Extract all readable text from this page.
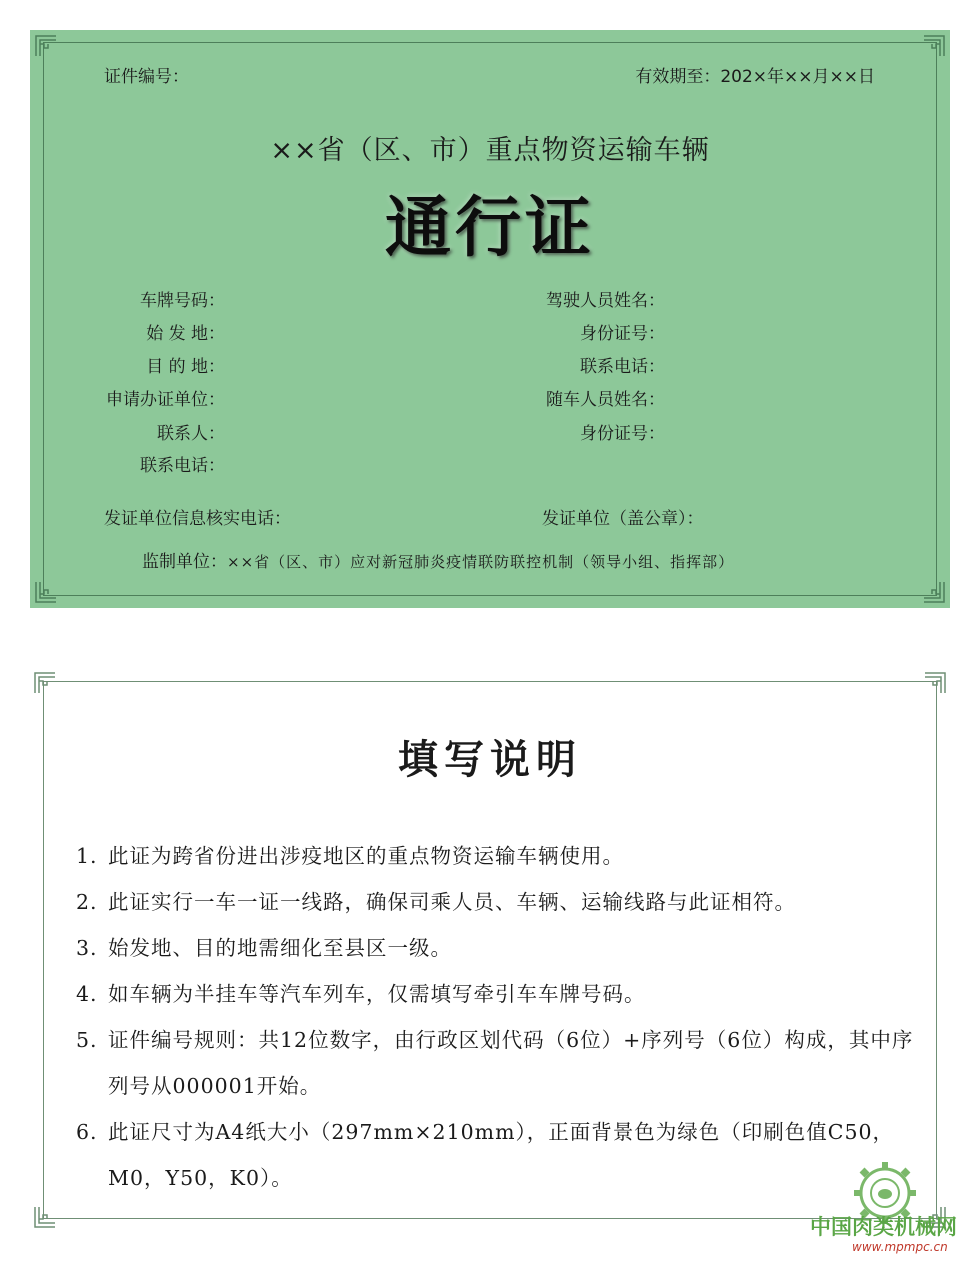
证件编号：	有效期至：202×年××月××日
××省（区、市）重点物资运输车辆
通行证
车牌号码：
始 发 地：
目 的 地：
申请办证单位：
联系人：
联系电话：
驾驶人员姓名：
身份证号：
联系电话：
随车人员姓名：
身份证号：
发证单位信息核实电话：	发证单位（盖公章）：
监制单位：××省（区、市）应对新冠肺炎疫情联防联控机制（领导小组、指挥部）
填写说明
1. 此证为跨省份进出涉疫地区的重点物资运输车辆使用。
2. 此证实行一车一证一线路，确保司乘人员、车辆、运输线路与此证相符。
3. 始发地、目的地需细化至县区一级。
4. 如车辆为半挂车等汽车列车，仅需填写牵引车车牌号码。
5. 证件编号规则：共12位数字，由行政区划代码（6位）+序列号（6位）构成，其中序列号从000001开始。
6. 此证尺寸为A4纸大小（297mm×210mm），正面背景色为绿色（印刷色值C50，M0，Y50，K0）。
中国肉类机械网
www.mpmpc.cn
